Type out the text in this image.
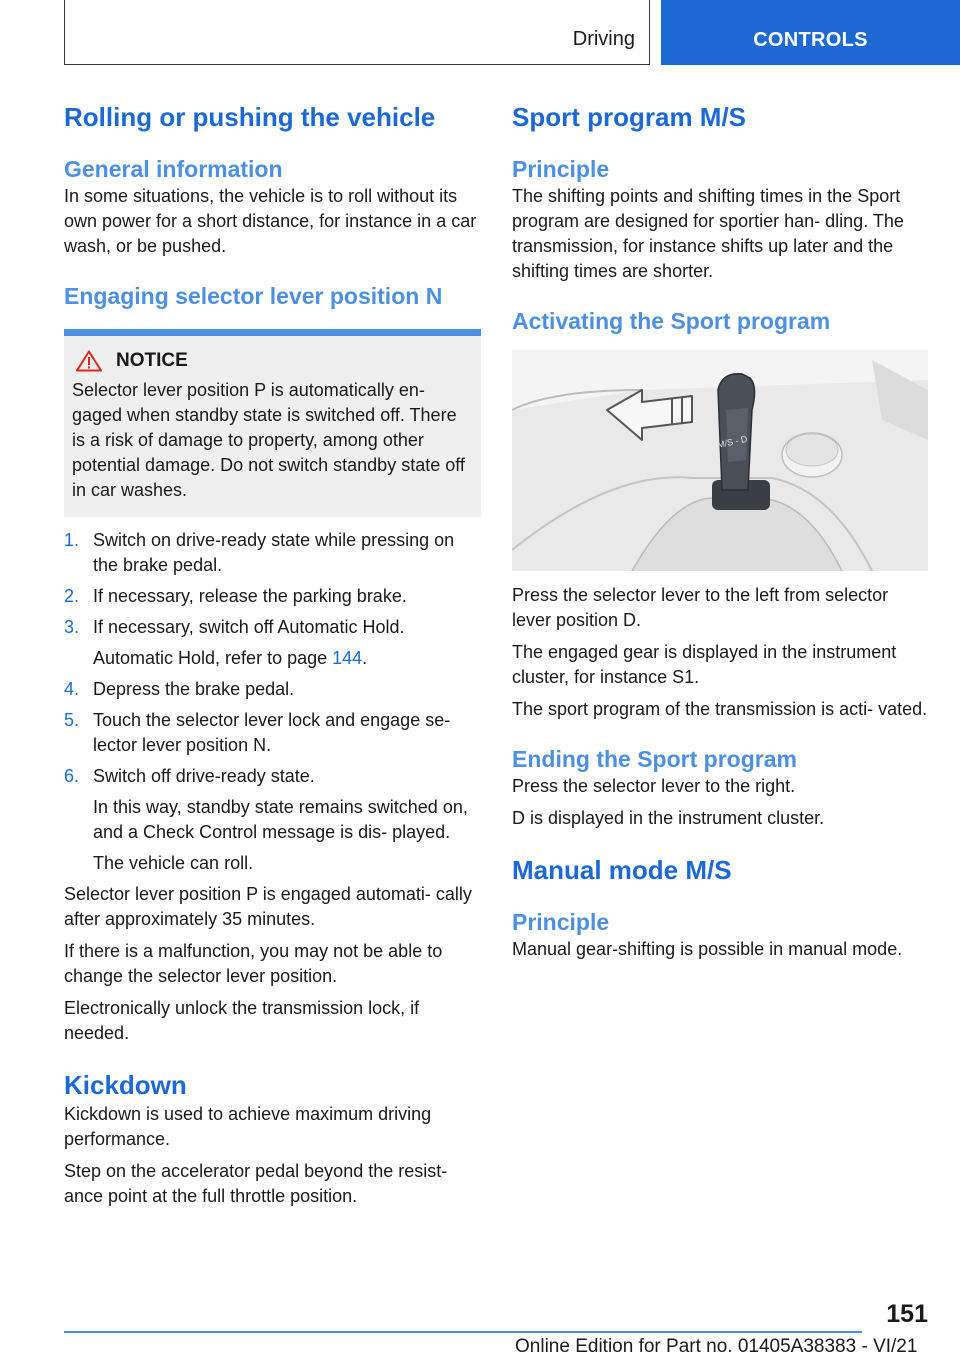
Driving	CONTROLS
Rolling or pushing the vehicle
General information
In some situations, the vehicle is to roll without its own power for a short distance, for instance in a car wash, or be pushed.
Engaging selector lever position N
NOTICE
Selector lever position P is automatically en‐ gaged when standby state is switched off. There is a risk of damage to property, among other potential damage. Do not switch standby state off in car washes.
1. Switch on drive-ready state while pressing on the brake pedal.
2. If necessary, release the parking brake.
3. If necessary, switch off Automatic Hold.
Automatic Hold, refer to page 144.
4. Depress the brake pedal.
5. Touch the selector lever lock and engage se‐ lector lever position N.
6. Switch off drive-ready state.
In this way, standby state remains switched on, and a Check Control message is dis‐ played.
The vehicle can roll.
Selector lever position P is engaged automati‐ cally after approximately 35 minutes.
If there is a malfunction, you may not be able to change the selector lever position.
Electronically unlock the transmission lock, if needed.
Kickdown
Kickdown is used to achieve maximum driving performance.
Step on the accelerator pedal beyond the resist‐ ance point at the full throttle position.
Sport program M/S
Principle
The shifting points and shifting times in the Sport program are designed for sportier han‐ dling. The transmission, for instance shifts up later and the shifting times are shorter.
Activating the Sport program
M/S - D
Press the selector lever to the left from selector lever position D.
The engaged gear is displayed in the instrument cluster, for instance S1.
The sport program of the transmission is acti‐ vated.
Ending the Sport program
Press the selector lever to the right.
D is displayed in the instrument cluster.
Manual mode M/S
Principle
Manual gear-shifting is possible in manual mode.
151
Online Edition for Part no. 01405A38383 - VI/21
